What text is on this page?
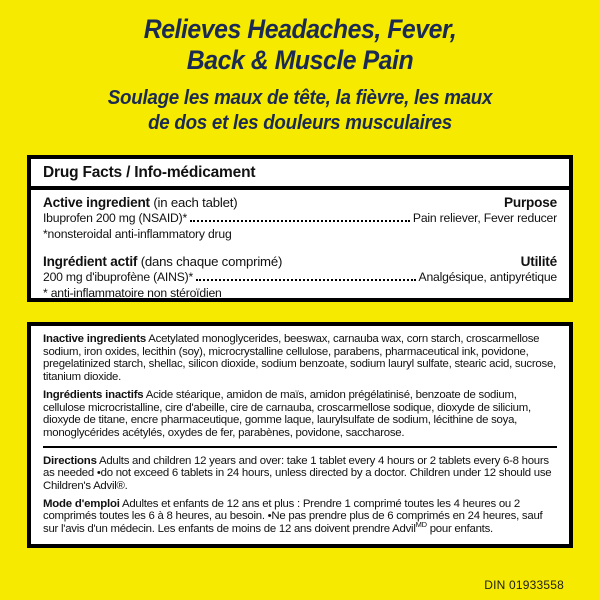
Relieves Headaches, Fever,
Back & Muscle Pain
Soulage les maux de tête, la fièvre, les maux
de dos et les douleurs musculaires
Drug Facts / Info-médicament
Active ingredient (in each tablet)	Purpose
Ibuprofen 200 mg (NSAID)*	Pain reliever, Fever reducer
*nonsteroidal anti-inflammatory drug
Ingrédient actif (dans chaque comprimé)	Utilité
200 mg d'ibuprofène (AINS)*	Analgésique, antipyrétique
* anti-inflammatoire non stéroïdien

Inactive ingredients Acetylated monoglycerides, beeswax, carnauba wax, corn starch, croscarmellose sodium, iron oxides, lecithin (soy), microcrystalline cellulose, parabens, pharmaceutical ink, povidone, pregelatinized starch, shellac, silicon dioxide, sodium benzoate, sodium lauryl sulfate, stearic acid, sucrose, titanium dioxide.

Ingrédients inactifs Acide stéarique, amidon de maïs, amidon prégélatinisé, benzoate de sodium, cellulose microcristalline, cire d'abeille, cire de carnauba, croscarmellose sodique, dioxyde de silicium, dioxyde de titane, encre pharmaceutique, gomme laque, laurylsulfate de sodium, lécithine de soya, monoglycérides acétylés, oxydes de fer, parabènes, povidone, saccharose.

Directions Adults and children 12 years and over: take 1 tablet every 4 hours or 2 tablets every 6-8 hours as needed •do not exceed 6 tablets in 24 hours, unless directed by a doctor. Children under 12 should use Children's Advil®.

Mode d'emploi Adultes et enfants de 12 ans et plus : Prendre 1 comprimé toutes les 4 heures ou 2 comprimés toutes les 6 à 8 heures, au besoin. •Ne pas prendre plus de 6 comprimés en 24 heures, sauf sur l'avis d'un médecin. Les enfants de moins de 12 ans doivent prendre Advil$^{MD}$ pour enfants.

DIN 01933558
